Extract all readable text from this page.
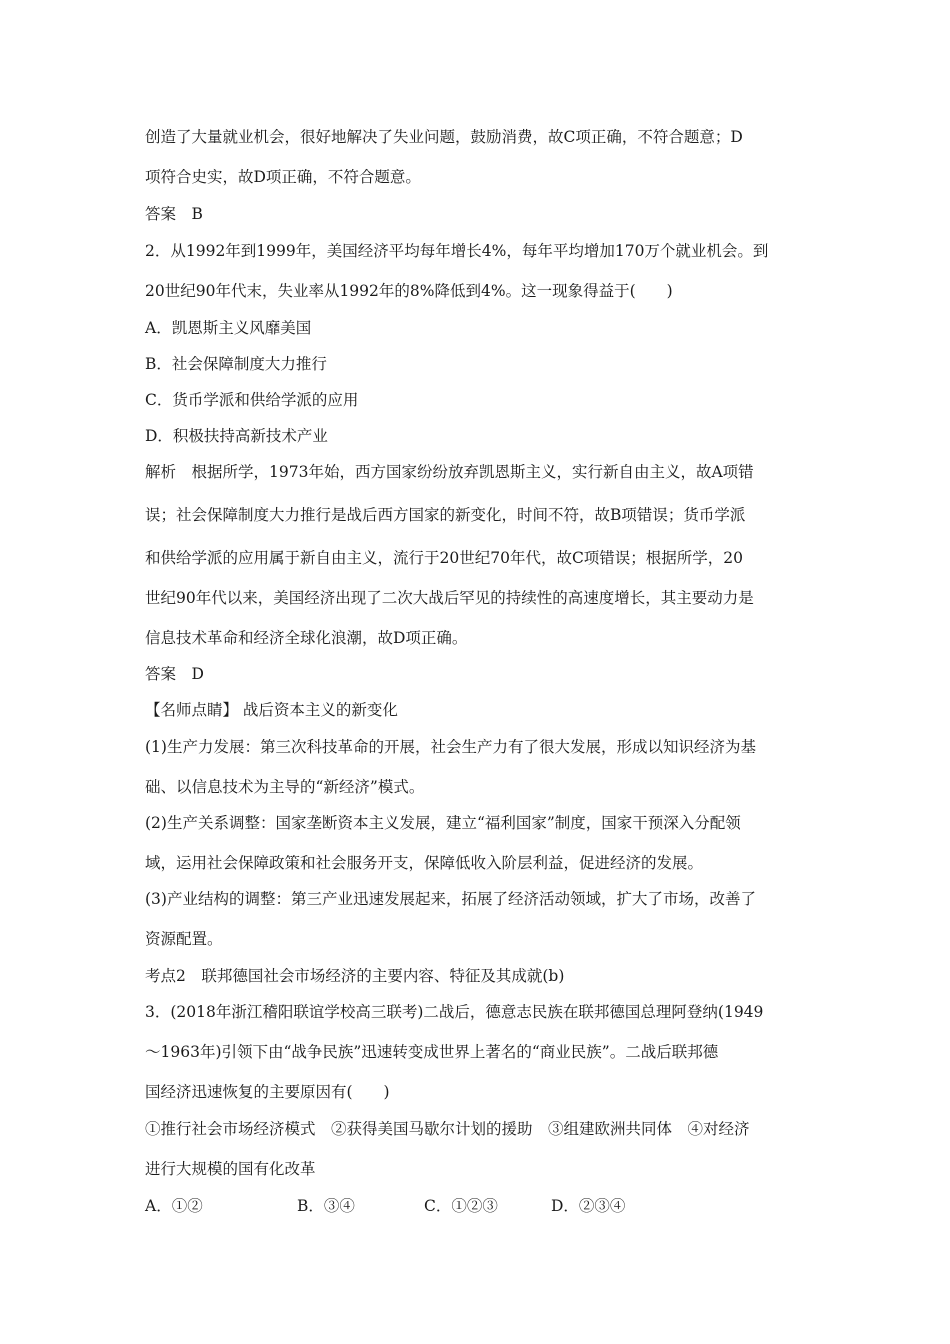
创造了大量就业机会，很好地解决了失业问题，鼓励消费，故C项正确，不符合题意；D
项符合史实，故D项正确，不符合题意。
答案　B
2．从1992年到1999年，美国经济平均每年增长4%，每年平均增加170万个就业机会。到
20世纪90年代末，失业率从1992年的8%降低到4%。这一现象得益于(　　)
A．凯恩斯主义风靡美国
B．社会保障制度大力推行
C．货币学派和供给学派的应用
D．积极扶持高新技术产业
解析　根据所学，1973年始，西方国家纷纷放弃凯恩斯主义，实行新自由主义，故A项错
误；社会保障制度大力推行是战后西方国家的新变化，时间不符，故B项错误；货币学派
和供给学派的应用属于新自由主义，流行于20世纪70年代，故C项错误；根据所学，20
世纪90年代以来，美国经济出现了二次大战后罕见的持续性的高速度增长，其主要动力是
信息技术革命和经济全球化浪潮，故D项正确。
答案　D
【名师点睛】 战后资本主义的新变化
(1)生产力发展：第三次科技革命的开展，社会生产力有了很大发展，形成以知识经济为基
础、以信息技术为主导的“新经济”模式。
(2)生产关系调整：国家垄断资本主义发展，建立“福利国家”制度，国家干预深入分配领
域，运用社会保障政策和社会服务开支，保障低收入阶层利益，促进经济的发展。
(3)产业结构的调整：第三产业迅速发展起来，拓展了经济活动领域，扩大了市场，改善了
资源配置。
考点2　联邦德国社会市场经济的主要内容、特征及其成就(b)
3．(2018年浙江稽阳联谊学校高三联考)二战后，德意志民族在联邦德国总理阿登纳(1949
～1963年)引领下由“战争民族”迅速转变成世界上著名的“商业民族”。二战后联邦德
国经济迅速恢复的主要原因有(　　)
①推行社会市场经济模式　②获得美国马歇尔计划的援助　③组建欧洲共同体　④对经济
进行大规模的国有化改革
A．①②	B．③④	C．①②③	D．②③④
